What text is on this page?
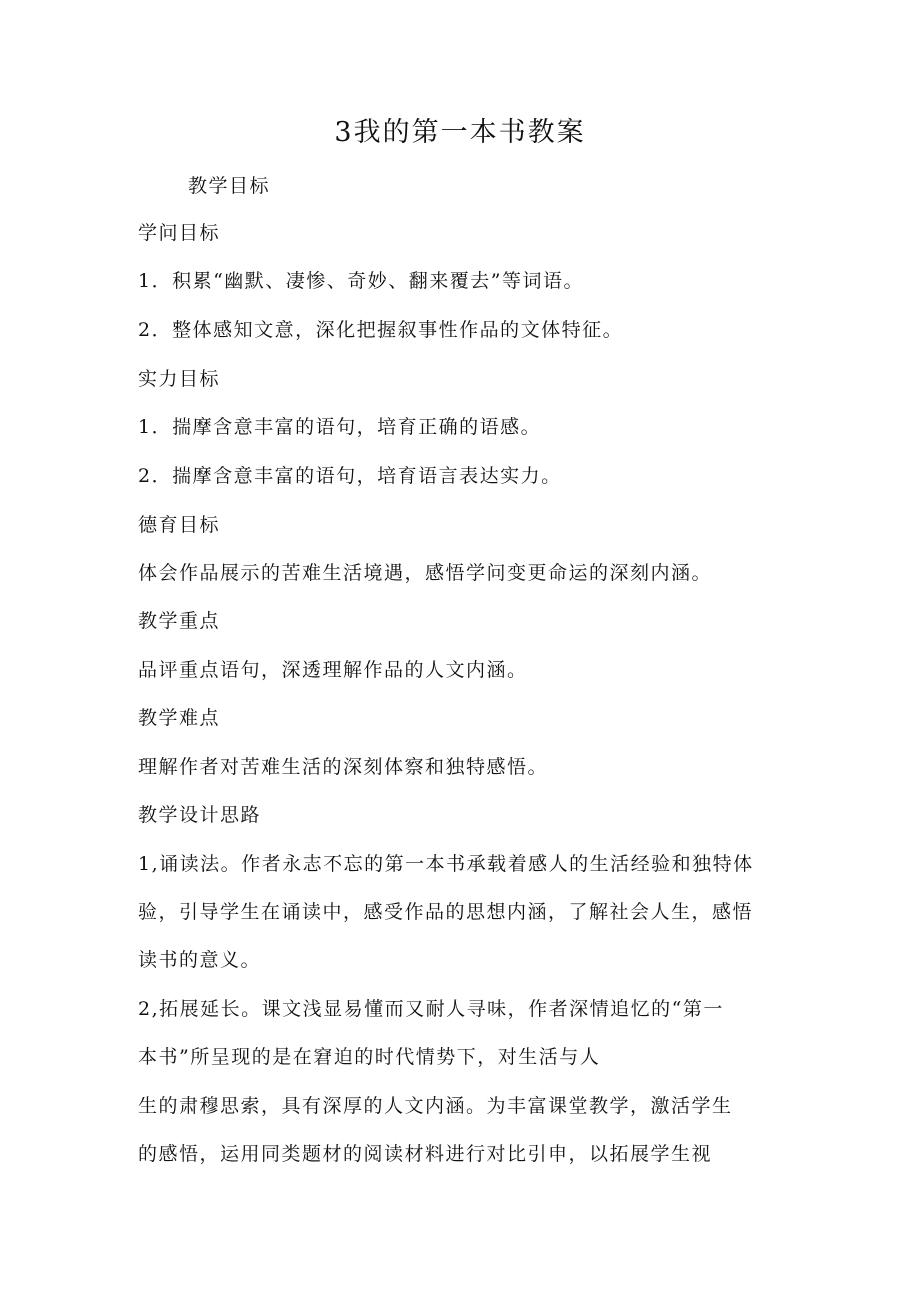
3我的第一本书教案

教学目标

学问目标

1．积累“幽默、凄惨、奇妙、翻来覆去”等词语。

2．整体感知文意，深化把握叙事性作品的文体特征。

实力目标

1．揣摩含意丰富的语句，培育正确的语感。

2．揣摩含意丰富的语句，培育语言表达实力。

德育目标

体会作品展示的苦难生活境遇，感悟学问变更命运的深刻内涵。

教学重点

品评重点语句，深透理解作品的人文内涵。

教学难点

理解作者对苦难生活的深刻体察和独特感悟。

教学设计思路

1,诵读法。作者永志不忘的第一本书承载着感人的生活经验和独特体

验，引导学生在诵读中，感受作品的思想内涵，了解社会人生，感悟

读书的意义。

2,拓展延长。课文浅显易懂而又耐人寻味，作者深情追忆的“第一

本书”所呈现的是在窘迫的时代情势下，对生活与人

生的肃穆思索，具有深厚的人文内涵。为丰富课堂教学，激活学生

的感悟，运用同类题材的阅读材料进行对比引申，以拓展学生视
